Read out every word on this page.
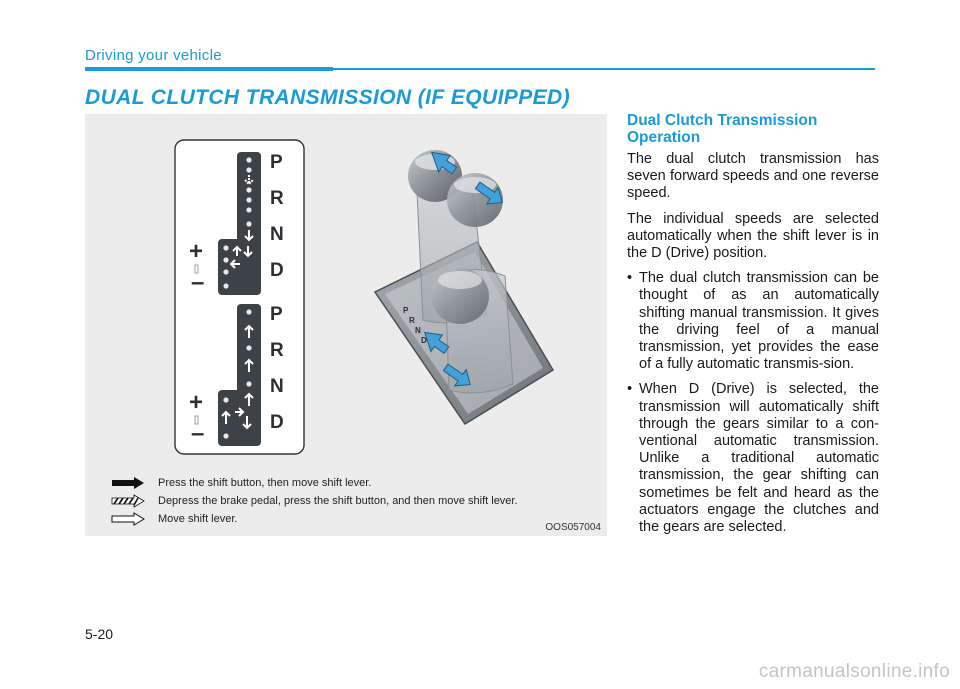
Driving your vehicle
DUAL CLUTCH TRANSMISSION (IF EQUIPPED)
P
R
N
D
+
–
P
R
N
D
+
–
P
R
N
D
Press the shift button, then move shift lever.
Depress the brake pedal, press the shift button, and then move shift lever.
Move shift lever.
OOS057004
Dual Clutch Transmission Operation

The dual clutch transmission has seven forward speeds and one reverse speed.

The individual speeds are selected automatically when the shift lever is in the D (Drive) position.

• The dual clutch transmission can be thought of as an automatically shifting manual transmission. It gives the driving feel of a manual transmission, yet provides the ease of a fully automatic transmis-sion.
• When D (Drive) is selected, the transmission will automatically shift through the gears similar to a con-ventional automatic transmission. Unlike a traditional automatic transmission, the gear shifting can sometimes be felt and heard as the actuators engage the clutches and the gears are selected.
5-20
carmanualsonline.info
